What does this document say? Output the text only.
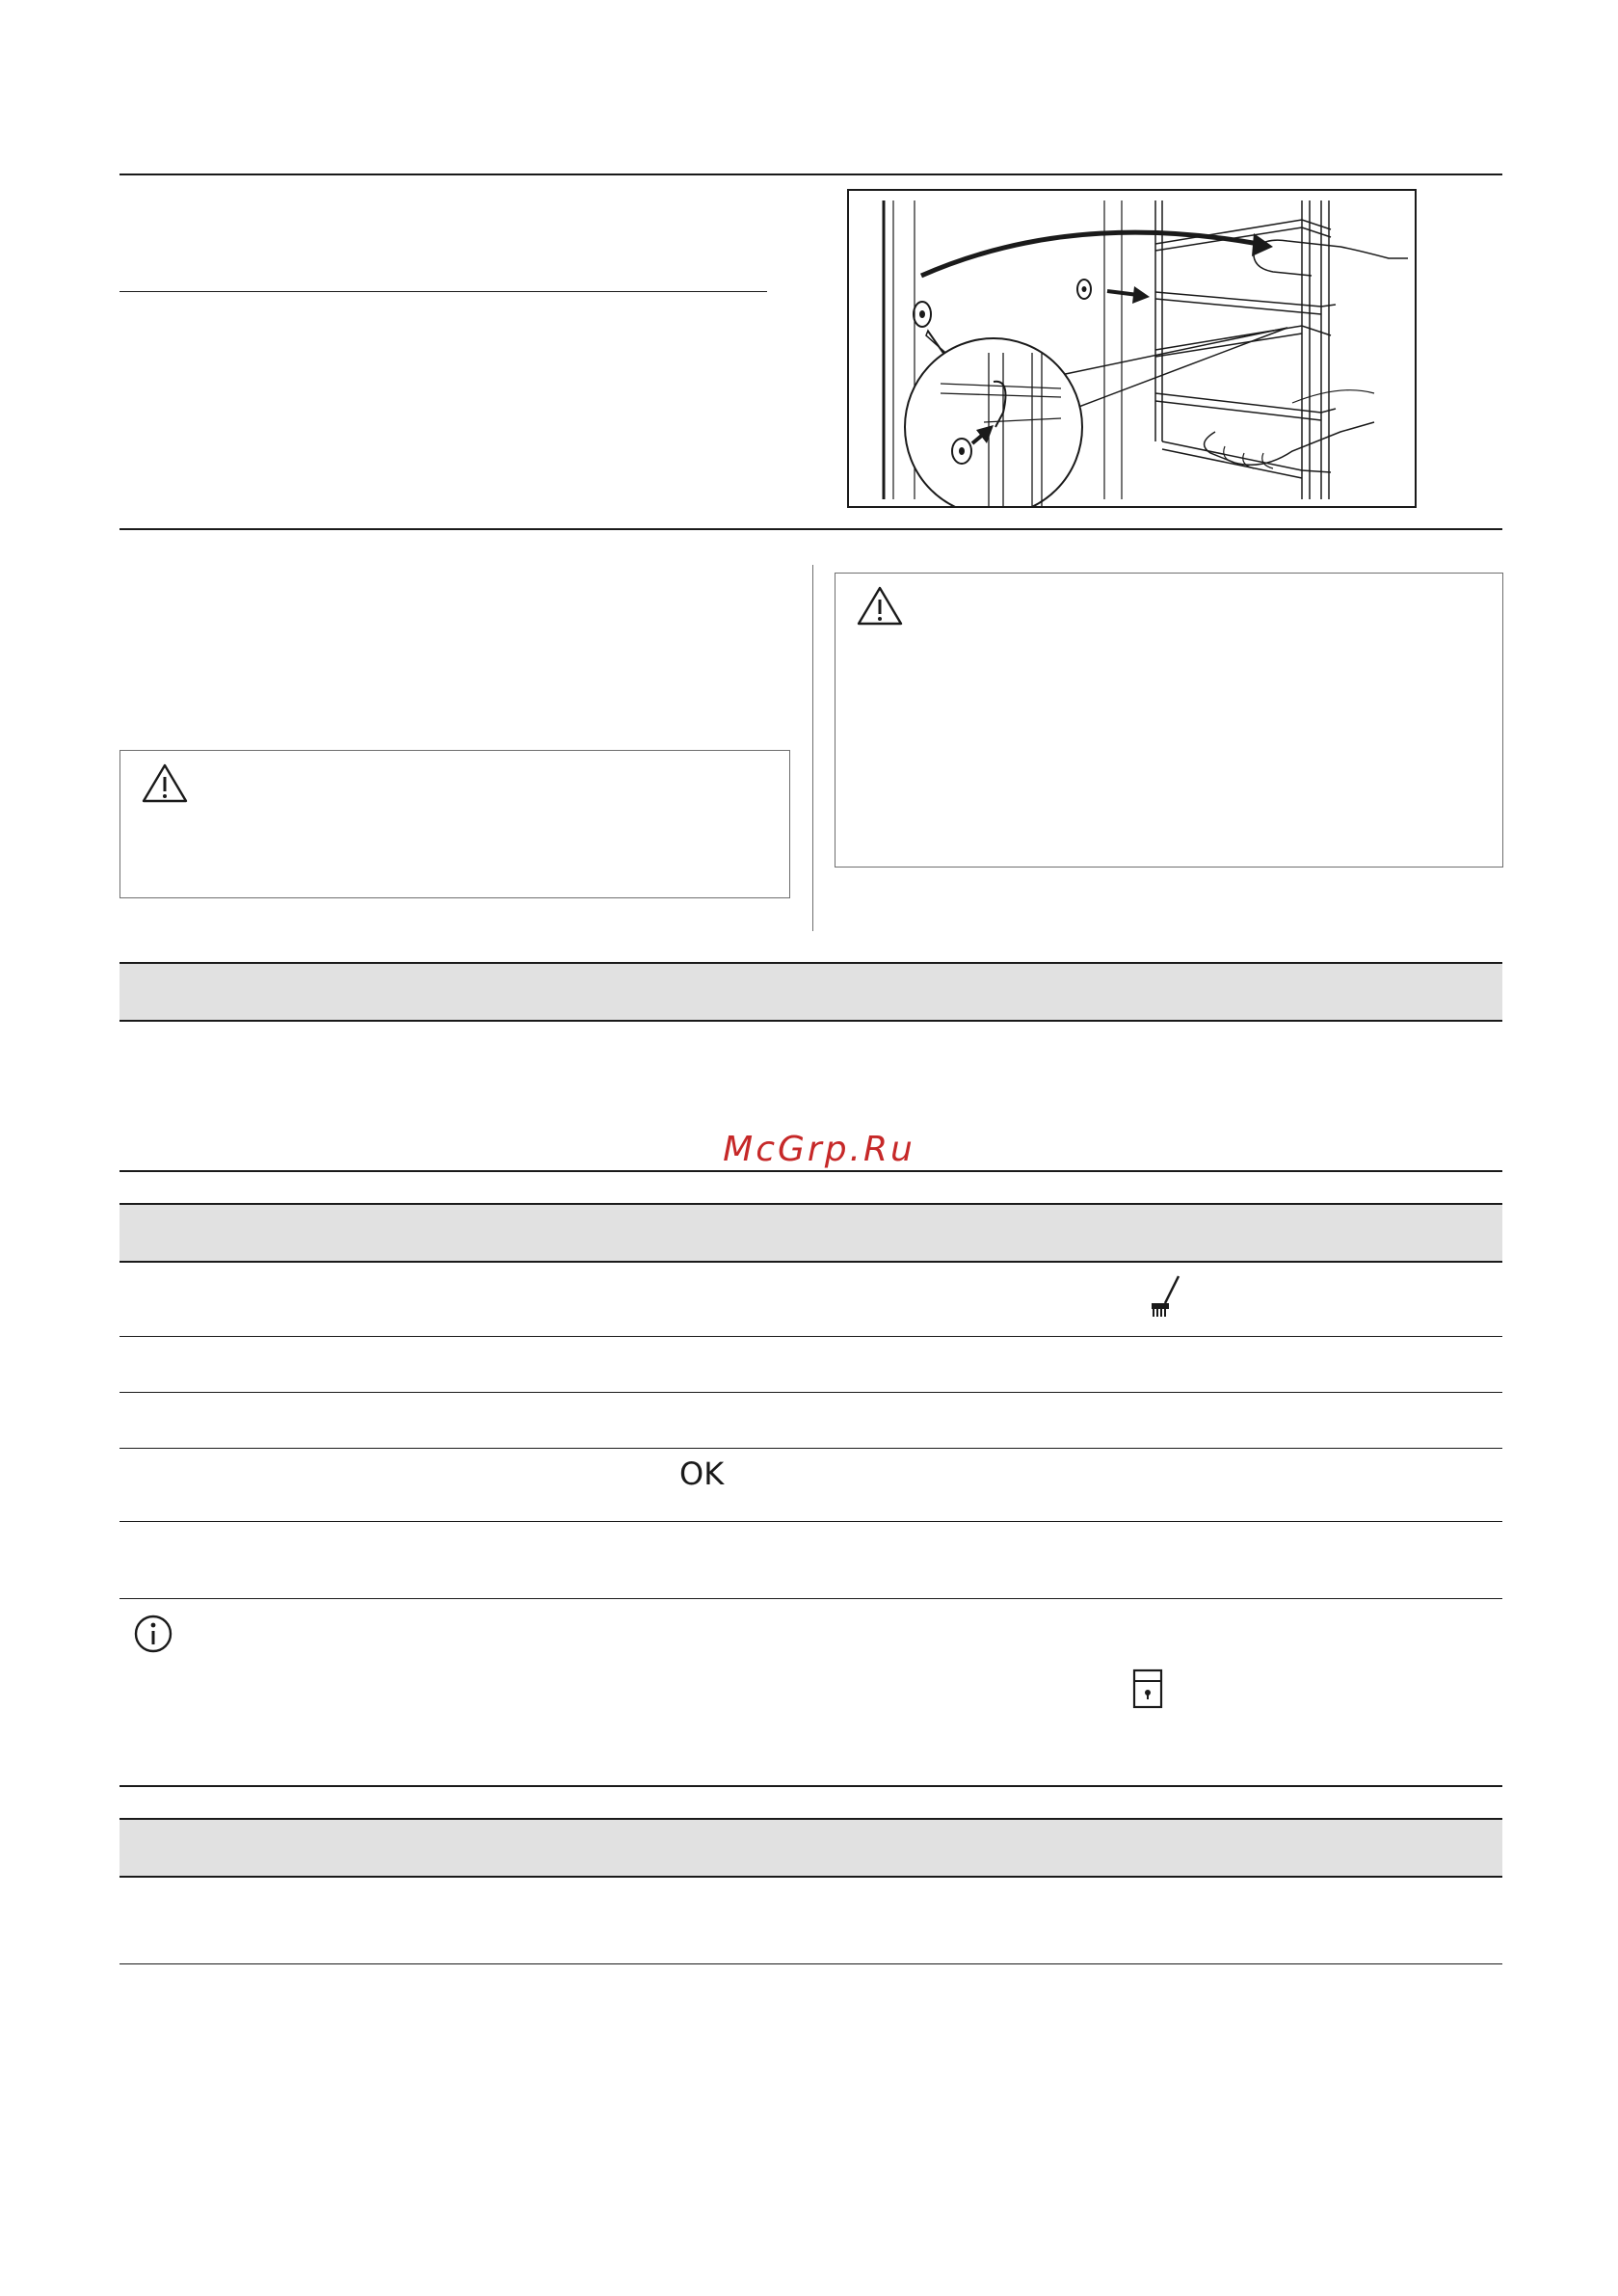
McGrp.Ru
OK
